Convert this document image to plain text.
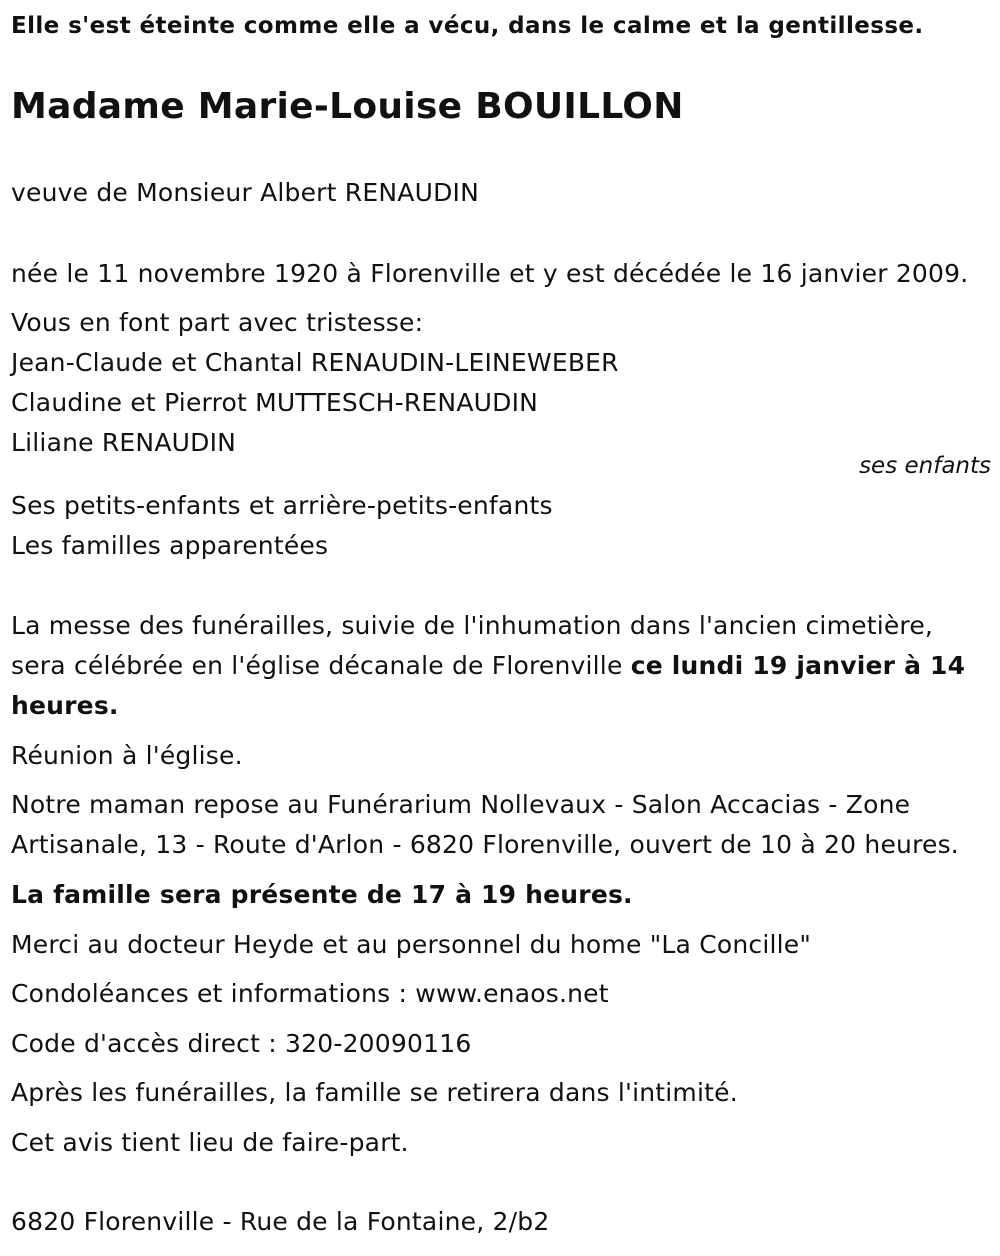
Elle s'est éteinte comme elle a vécu, dans le calme et la gentillesse.
Madame Marie-Louise BOUILLON
veuve de Monsieur Albert RENAUDIN
née le 11 novembre 1920 à Florenville et y est décédée le 16 janvier 2009.
Vous en font part avec tristesse:
Jean-Claude et Chantal RENAUDIN-LEINEWEBER
Claudine et Pierrot MUTTESCH-RENAUDIN
Liliane RENAUDIN
ses enfants
Ses petits-enfants et arrière-petits-enfants
Les familles apparentées
La messe des funérailles, suivie de l'inhumation dans l'ancien cimetière,
sera célébrée en l'église décanale de Florenville ce lundi 19 janvier à 14
heures.
Réunion à l'église.
Notre maman repose au Funérarium Nollevaux - Salon Accacias - Zone
Artisanale, 13 - Route d'Arlon - 6820 Florenville, ouvert de 10 à 20 heures.
La famille sera présente de 17 à 19 heures.
Merci au docteur Heyde et au personnel du home "La Concille"
Condoléances et informations : www.enaos.net
Code d'accès direct : 320-20090116
Après les funérailles, la famille se retirera dans l'intimité.
Cet avis tient lieu de faire-part.
6820 Florenville - Rue de la Fontaine, 2/b2
